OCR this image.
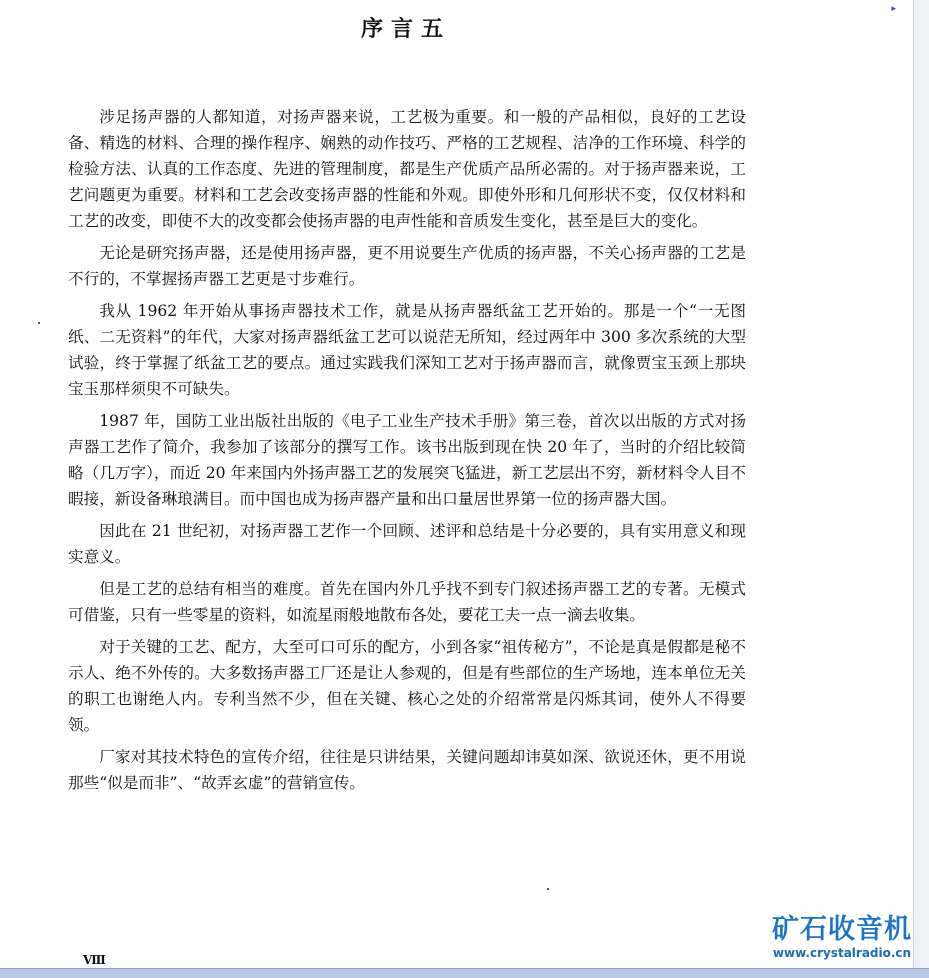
▸
序言五

涉足扬声器的人都知道，对扬声器来说，工艺极为重要。和一般的产品相似，良好的工艺设备、精选的材料、合理的操作程序、娴熟的动作技巧、严格的工艺规程、洁净的工作环境、科学的检验方法、认真的工作态度、先进的管理制度，都是生产优质产品所必需的。对于扬声器来说，工艺问题更为重要。材料和工艺会改变扬声器的性能和外观。即使外形和几何形状不变，仅仅材料和工艺的改变，即使不大的改变都会使扬声器的电声性能和音质发生变化，甚至是巨大的变化。

无论是研究扬声器，还是使用扬声器，更不用说要生产优质的扬声器，不关心扬声器的工艺是不行的，不掌握扬声器工艺更是寸步难行。

我从 1962 年开始从事扬声器技术工作，就是从扬声器纸盆工艺开始的。那是一个“一无图纸、二无资料”的年代，大家对扬声器纸盆工艺可以说茫无所知，经过两年中 300 多次系统的大型试验，终于掌握了纸盆工艺的要点。通过实践我们深知工艺对于扬声器而言，就像贾宝玉颈上那块宝玉那样须臾不可缺失。

1987 年，国防工业出版社出版的《电子工业生产技术手册》第三卷，首次以出版的方式对扬声器工艺作了简介，我参加了该部分的撰写工作。该书出版到现在快 20 年了，当时的介绍比较简略（几万字），而近 20 年来国内外扬声器工艺的发展突飞猛进，新工艺层出不穷，新材料令人目不暇接，新设备琳琅满目。而中国也成为扬声器产量和出口量居世界第一位的扬声器大国。

因此在 21 世纪初，对扬声器工艺作一个回顾、述评和总结是十分必要的，具有实用意义和现实意义。

但是工艺的总结有相当的难度。首先在国内外几乎找不到专门叙述扬声器工艺的专著。无模式可借鉴，只有一些零星的资料，如流星雨般地散布各处，要花工夫一点一滴去收集。

对于关键的工艺、配方，大至可口可乐的配方，小到各家“祖传秘方”，不论是真是假都是秘不示人、绝不外传的。大多数扬声器工厂还是让人参观的，但是有些部位的生产场地，连本单位无关的职工也谢绝人内。专利当然不少，但在关键、核心之处的介绍常常是闪烁其词，使外人不得要领。

厂家对其技术特色的宣传介绍，往往是只讲结果，关键问题却讳莫如深、欲说还休，更不用说那些“似是而非”、“故弄玄虚”的营销宣传。

Ⅷ
矿石收音机
www.crystalradio.cn
